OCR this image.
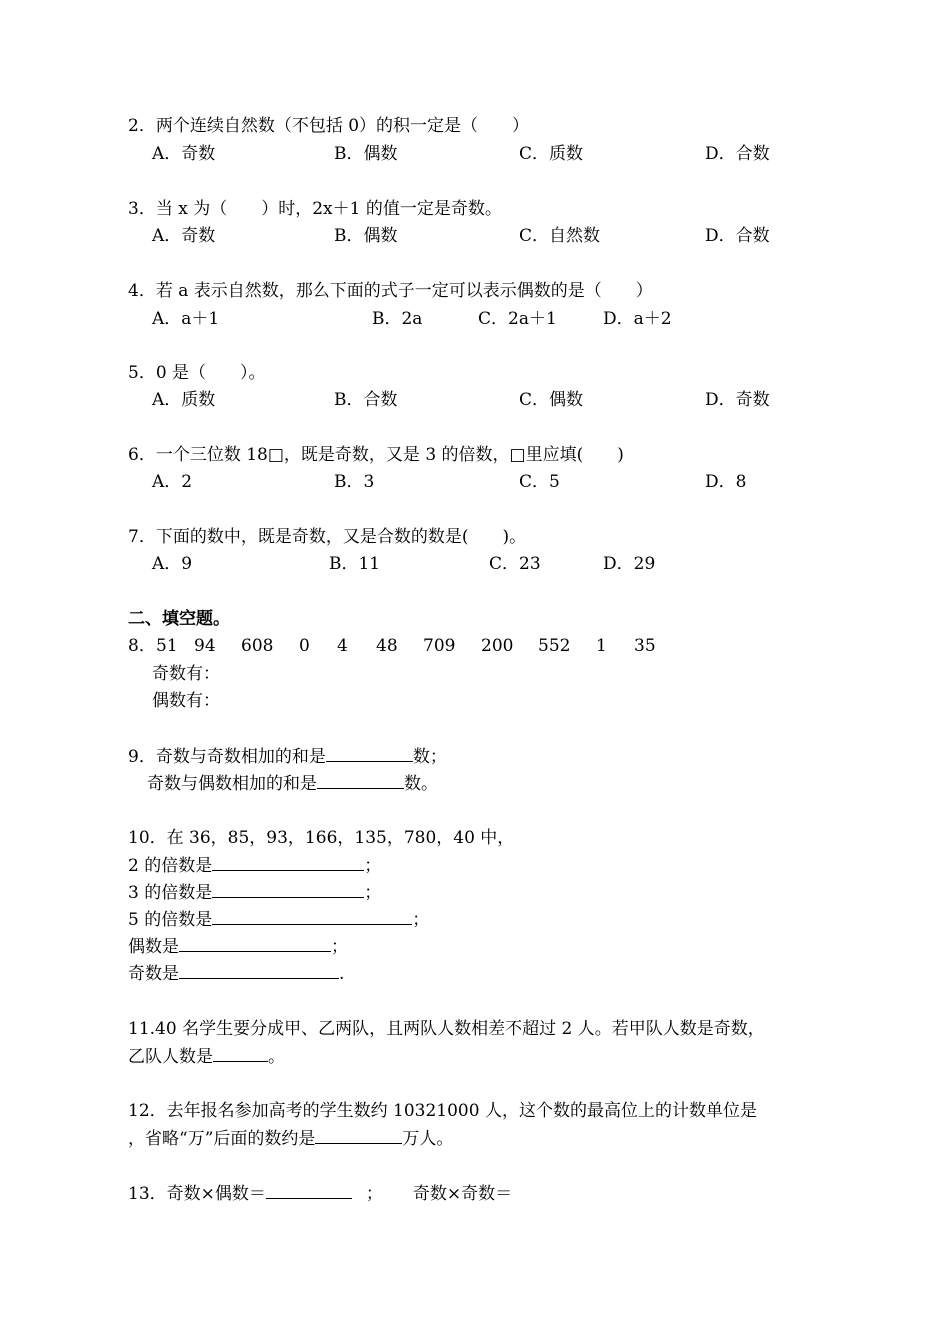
2．两个连续自然数（不包括 0）的积一定是（　　）
A．奇数	B．偶数	C．质数	D．合数
3．当 x 为（　　）时，2x＋1 的值一定是奇数。
A．奇数	B．偶数	C．自然数	D．合数
4．若 a 表示自然数，那么下面的式子一定可以表示偶数的是（　　）
A．a＋1	B．2a	C．2a＋1	D．a＋2
5．0 是（　　）。
A．质数	B．合数	C．偶数	D．奇数
6．一个三位数 18□，既是奇数，又是 3 的倍数，□里应填(　　)
A．2	B．3	C．5	D．8
7．下面的数中，既是奇数，又是合数的数是(　　)。
A．9	B．11	C．23	D．29
二、填空题。
8． 51 94 608 0 4 48 709 200 552 1 35
奇数有：
偶数有：
9．奇数与奇数相加的和是	数；
奇数与偶数相加的和是	数。
10．在 36，85，93，166，135，780，40 中，
2 的倍数是	；
3 的倍数是	；
5 的倍数是	；
偶数是	；
奇数是	.
11.40 名学生要分成甲、乙两队，且两队人数相差不超过 2 人。若甲队人数是奇数，
乙队人数是	。
12．去年报名参加高考的学生数约 10321000 人，这个数的最高位上的计数单位是
，省略“万”后面的数约是	万人。
13．奇数×偶数＝	； 奇数×奇数＝
